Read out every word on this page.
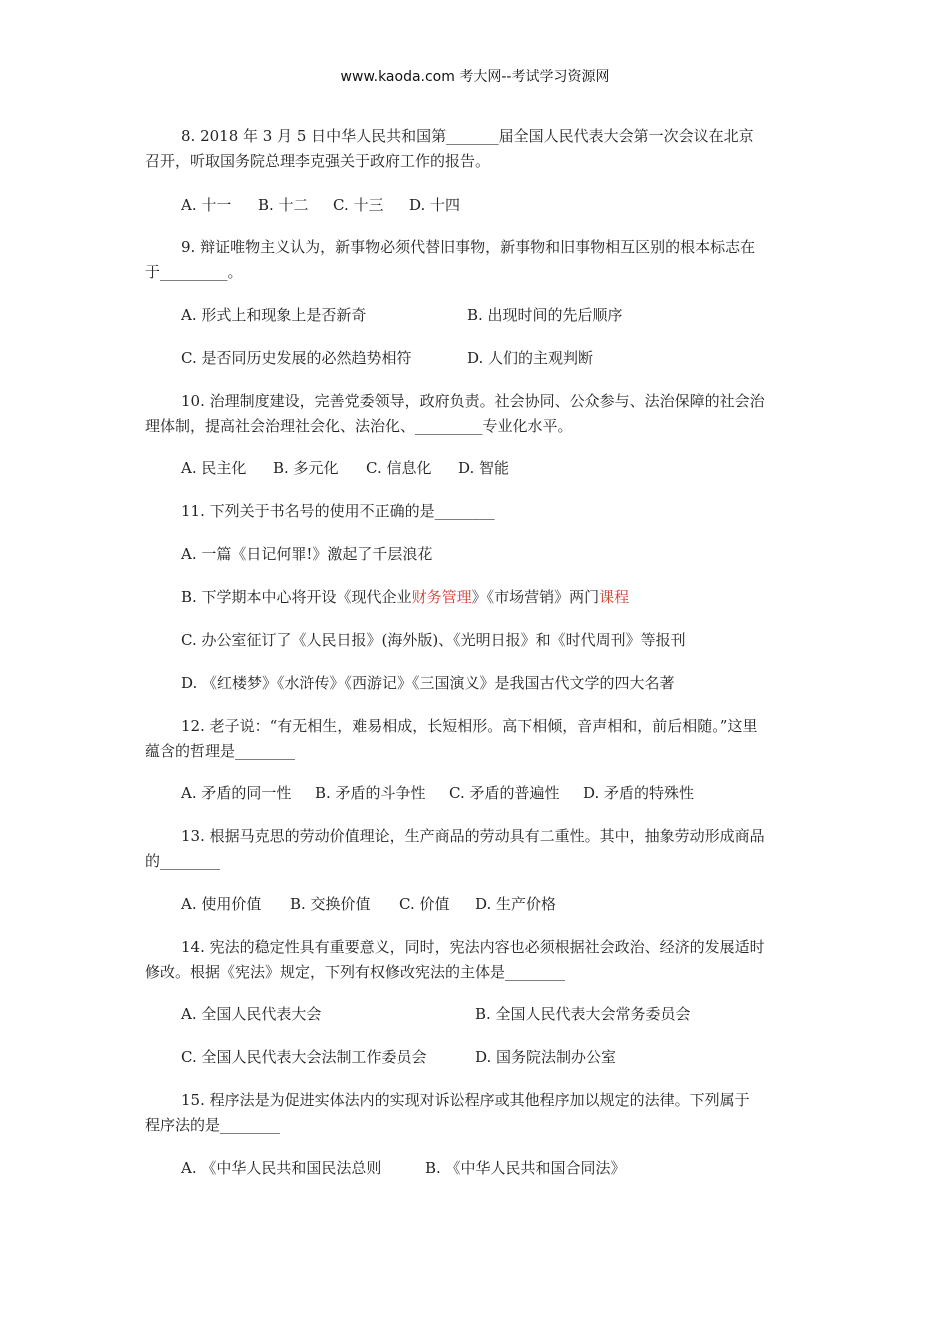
www.kaoda.com 考大网--考试学习资源网
8. 2018 年 3 月 5 日中华人民共和国第_______届全国人民代表大会第一次会议在北京
召开，听取国务院总理李克强关于政府工作的报告。
A. 十一 B. 十二 C. 十三 D. 十四
9. 辩证唯物主义认为，新事物必须代替旧事物，新事物和旧事物相互区别的根本标志在
于_________。
A. 形式上和现象上是否新奇	B. 出现时间的先后顺序
C. 是否同历史发展的必然趋势相符	D. 人们的主观判断
10. 治理制度建设，完善党委领导，政府负责。社会协同、公众参与、法治保障的社会治
理体制，提高社会治理社会化、法治化、_________专业化水平。
A. 民主化 B. 多元化 C. 信息化 D. 智能
11. 下列关于书名号的使用不正确的是________
A. 一篇《日记何罪!》激起了千层浪花
B. 下学期本中心将开设《现代企业财务管理》《市场营销》两门课程
C. 办公室征订了《人民日报》(海外版)、《光明日报》和《时代周刊》等报刊
D. 《红楼梦》《水浒传》《西游记》《三国演义》是我国古代文学的四大名著
12. 老子说：“有无相生，难易相成，长短相形。高下相倾，音声相和，前后相随。”这里
蕴含的哲理是________
A. 矛盾的同一性 B. 矛盾的斗争性 C. 矛盾的普遍性 D. 矛盾的特殊性
13. 根据马克思的劳动价值理论，生产商品的劳动具有二重性。其中，抽象劳动形成商品
的________
A. 使用价值 B. 交换价值 C. 价值 D. 生产价格
14. 宪法的稳定性具有重要意义，同时，宪法内容也必须根据社会政治、经济的发展适时
修改。根据《宪法》规定，下列有权修改宪法的主体是________
A. 全国人民代表大会	B. 全国人民代表大会常务委员会
C. 全国人民代表大会法制工作委员会	D. 国务院法制办公室
15. 程序法是为促进实体法内的实现对诉讼程序或其他程序加以规定的法律。下列属于
程序法的是________
A. 《中华人民共和国民法总则	B. 《中华人民共和国合同法》
